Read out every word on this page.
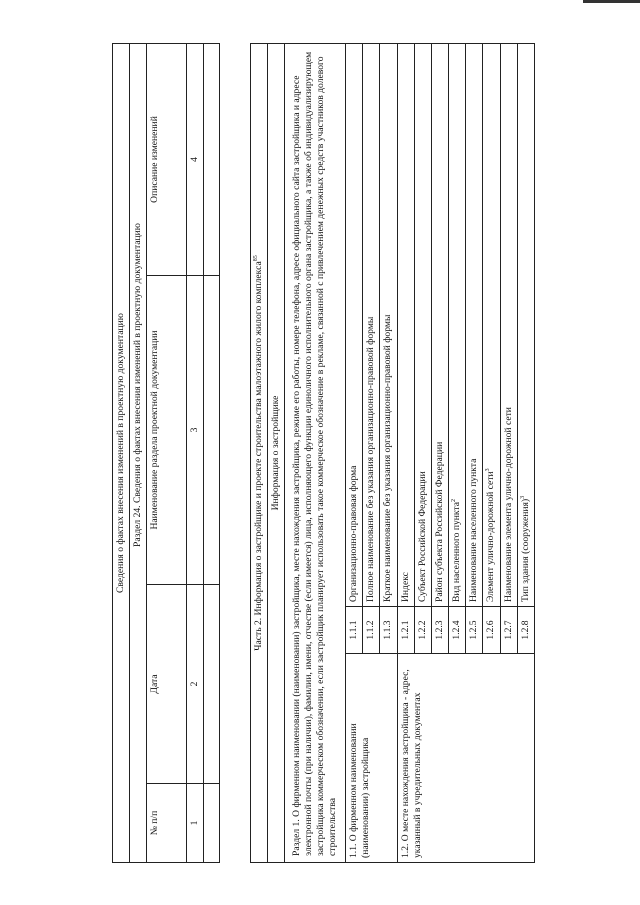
Сведения о фактах внесения изменений в проектную документацию			
Раздел 24. Сведения о фактах внесения изменений в проектную документацию			
№ п/п	Дата	Наименование раздела проектной документации	Описание изменений
1	2	3	4

Часть 2. Информация о застройщике и проекте строительства малоэтажного жилого комплекса$^{85}$
Информация о застройщике		
Раздел 1. О фирменном наименовании (наименовании) застройщика, месте нахождения застройщика, режиме его работы, номере телефона, адресе официального сайта застройщика и адресе электронной почты (при наличии), фамилии, имени, отчестве (если имеется) лица, исполняющего функции единоличного исполнительного органа застройщика, а также об индивидуализирующем застройщика коммерческом обозначении, если застройщик планирует использовать такое коммерческое обозначение в рекламе, связанной с привлечением денежных средств участников долевого строительства		
1.1. О фирменном наименовании (наименовании) застройщика	1.1.1	Организационно-правовая форма
	1.1.2	Полное наименование без указания организационно-правовой формы
	1.1.3	Краткое наименование без указания организационно-правовой формы
1.2. О месте нахождения застройщика - адрес, указанный в учредительных документах	1.2.1	Индекс
	1.2.2	Субъект Российской Федерации
	1.2.3	Район субъекта Российской Федерации
	1.2.4	Вид населенного пункта$^2$
	1.2.5	Наименование населенного пункта
	1.2.6	Элемент улично-дорожной сети$^3$
	1.2.7	Наименование элемента улично-дорожной сети
	1.2.8	Тип здания (сооружения)$^3$
